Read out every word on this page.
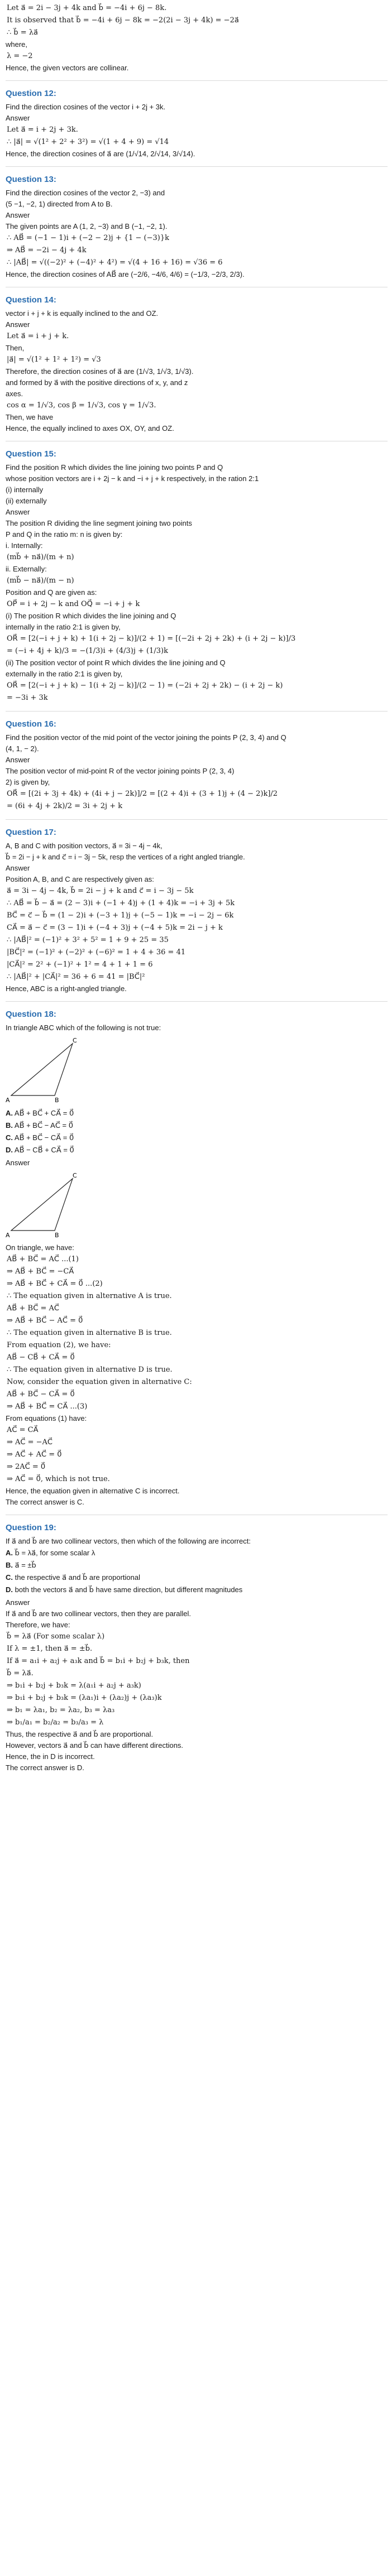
Let a⃗ = 2i − 3j + 4k and b⃗ = −4i + 6j − 8k.
It is observed that b⃗ = −4i + 6j − 8k = −2(2i − 3j + 4k) = −2a⃗
∴ b⃗ = λa⃗
where,
λ = −2
Hence, the given vectors are collinear.
Question 12:
Find the direction cosines of the vector i + 2j + 3k.
Answer
Let a⃗ = i + 2j + 3k.
∴ |a⃗| = √(1² + 2² + 3²) = √(1 + 4 + 9) = √14
Hence, the direction cosines of a⃗ are (1/√14, 2/√14, 3/√14).
Question 13:
Find the direction cosines of the vector 2, −3) and
(5 −1, −2, 1) directed from A to B.
Answer
The given points are A (1, 2, −3) and B (−1, −2, 1).
∴ AB⃗ = (−1 − 1)i + (−2 − 2)j + {1 − (−3)}k
⇒ AB⃗ = −2i − 4j + 4k
∴ |AB⃗| = √((−2)² + (−4)² + 4²) = √(4 + 16 + 16) = √36 = 6
Hence, the direction cosines of AB⃗ are (−2/6, −4/6, 4/6) = (−1/3, −2/3, 2/3).
Question 14:
vector i + j + k is equally inclined to the and OZ.
Answer
Let a⃗ = i + j + k.
Then,
|a⃗| = √(1² + 1² + 1²) = √3
Therefore, the direction cosines of a⃗ are (1/√3, 1/√3, 1/√3).
and formed by a⃗ with the positive directions of x, y, and z
axes.
cos α = 1/√3, cos β = 1/√3, cos γ = 1/√3.
Then, we have
Hence, the equally inclined to axes OX, OY, and OZ.
Question 15:
Find the position R which divides the line joining two points P and Q
whose position vectors are i + 2j − k and −i + j + k respectively, in the ration 2:1
(i) internally
(ii) externally
Answer
The position R dividing the line segment joining two points
P and Q in the ratio m: n is given by:
i. Internally:
(mb⃗ + na⃗)/(m + n)
ii. Externally:
(mb⃗ − na⃗)/(m − n)
Position and Q are given as:
OP⃗ = i + 2j − k and OQ⃗ = −i + j + k
(i) The position R which divides the line joining and Q
internally in the ratio 2:1 is given by,
OR⃗ = [2(−i + j + k) + 1(i + 2j − k)]/(2 + 1) = [(−2i + 2j + 2k) + (i + 2j − k)]/3
= (−i + 4j + k)/3 = −(1/3)i + (4/3)j + (1/3)k
(ii) The position vector of point R which divides the line joining and Q
externally in the ratio 2:1 is given by,
OR⃗ = [2(−i + j + k) − 1(i + 2j − k)]/(2 − 1) = (−2i + 2j + 2k) − (i + 2j − k)
= −3i + 3k
Question 16:
Find the position vector of the mid point of the vector joining the points P (2, 3, 4) and Q
(4, 1, − 2).
Answer
The position vector of mid-point R of the vector joining points P (2, 3, 4)
2) is given by,
OR⃗ = [(2i + 3j + 4k) + (4i + j − 2k)]/2 = [(2 + 4)i + (3 + 1)j + (4 − 2)k]/2
= (6i + 4j + 2k)/2 = 3i + 2j + k
Question 17:
A, B and C with position vectors, a⃗ = 3i − 4j − 4k,
b⃗ = 2i − j + k and c⃗ = i − 3j − 5k, resp the vertices of a right angled triangle.
Answer
Position A, B, and C are respectively given as:
a⃗ = 3i − 4j − 4k, b⃗ = 2i − j + k and c⃗ = i − 3j − 5k
∴ AB⃗ = b⃗ − a⃗ = (2 − 3)i + (−1 + 4)j + (1 + 4)k = −i + 3j + 5k
BC⃗ = c⃗ − b⃗ = (1 − 2)i + (−3 + 1)j + (−5 − 1)k = −i − 2j − 6k
CA⃗ = a⃗ − c⃗ = (3 − 1)i + (−4 + 3)j + (−4 + 5)k = 2i − j + k
∴ |AB⃗|² = (−1)² + 3² + 5² = 1 + 9 + 25 = 35
|BC⃗|² = (−1)² + (−2)² + (−6)² = 1 + 4 + 36 = 41
|CA⃗|² = 2² + (−1)² + 1² = 4 + 1 + 1 = 6
∴ |AB⃗|² + |CA⃗|² = 36 + 6 = 41 = |BC⃗|²
Hence, ABC is a right-angled triangle.
Question 18:
In triangle ABC which of the following is not true:
A	B
C
A. AB⃗ + BC⃗ + CA⃗ = 0⃗
B. AB⃗ + BC⃗ − AC⃗ = 0⃗
C. AB⃗ + BC⃗ − CA⃗ = 0⃗
D. AB⃗ − CB⃗ + CA⃗ = 0⃗
Answer
A	B
C
On triangle, we have:
AB⃗ + BC⃗ = AC⃗ ...(1)
⇒ AB⃗ + BC⃗ = −CA⃗
⇒ AB⃗ + BC⃗ + CA⃗ = 0⃗ ...(2)
∴ The equation given in alternative A is true.
AB⃗ + BC⃗ = AC⃗
⇒ AB⃗ + BC⃗ − AC⃗ = 0⃗
∴ The equation given in alternative B is true.
From equation (2), we have:
AB⃗ − CB⃗ + CA⃗ = 0⃗
∴ The equation given in alternative D is true.
Now, consider the equation given in alternative C:
AB⃗ + BC⃗ − CA⃗ = 0⃗
⇒ AB⃗ + BC⃗ = CA⃗ ...(3)
From equations (1) have:
AC⃗ = CA⃗
⇒ AC⃗ = −AC⃗
⇒ AC⃗ + AC⃗ = 0⃗
⇒ 2AC⃗ = 0⃗
⇒ AC⃗ = 0⃗, which is not true.
Hence, the equation given in alternative C is incorrect.
The correct answer is C.
Question 19:
If a⃗ and b⃗ are two collinear vectors, then which of the following are incorrect:
A. b⃗ = λa⃗, for some scalar λ
B. a⃗ = ±b⃗
C. the respective a⃗ and b⃗ are proportional
D. both the vectors a⃗ and b⃗ have same direction, but different magnitudes
Answer
If a⃗ and b⃗ are two collinear vectors, then they are parallel.
Therefore, we have:
b⃗ = λa⃗ (For some scalar λ)
If λ = ±1, then a⃗ = ±b⃗.
If a⃗ = a₁i + a₂j + a₃k and b⃗ = b₁i + b₂j + b₃k, then
b⃗ = λa⃗.
⇒ b₁i + b₂j + b₃k = λ(a₁i + a₂j + a₃k)
⇒ b₁i + b₂j + b₃k = (λa₁)i + (λa₂)j + (λa₃)k
⇒ b₁ = λa₁, b₂ = λa₂, b₃ = λa₃
⇒ b₁/a₁ = b₂/a₂ = b₃/a₃ = λ
Thus, the respective a⃗ and b⃗ are proportional.
However, vectors a⃗ and b⃗ can have different directions.
Hence, the in D is incorrect.
The correct answer is D.
